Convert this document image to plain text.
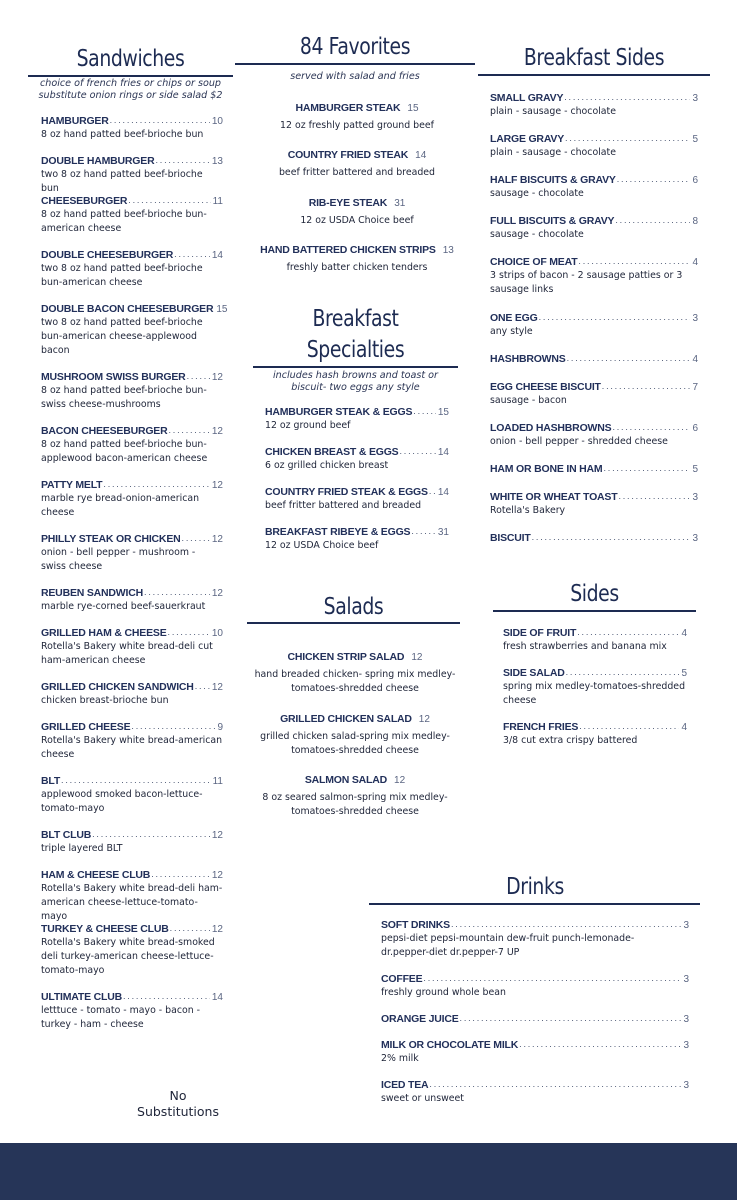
Sandwiches
choice of french fries or chips or soup
substitute onion rings or side salad $2
HAMBURGER .....	10
8 oz hand patted beef-brioche bun
DOUBLE HAMBURGER .....	13
two 8 oz hand patted beef-brioche bun
CHEESEBURGER .....	11
8 oz hand patted beef-brioche bun-american cheese
DOUBLE CHEESEBURGER .....	14
two 8 oz hand patted beef-brioche bun-american cheese
DOUBLE BACON CHEESEBURGER 15
two 8 oz hand patted beef-brioche bun-american cheese-applewood bacon
MUSHROOM SWISS BURGER .....	12
8 oz hand patted beef-brioche bun-swiss cheese-mushrooms
BACON CHEESEBURGER .....	12
8 oz hand patted beef-brioche bun-applewood bacon-american cheese
PATTY MELT .....	12
marble rye bread-onion-american cheese
PHILLY STEAK OR CHICKEN .....	12
onion - bell pepper - mushroom - swiss cheese
REUBEN SANDWICH .....	12
marble rye-corned beef-sauerkraut
GRILLED HAM & CHEESE .....	10
Rotella's Bakery white bread-deli cut ham-american cheese
GRILLED CHICKEN SANDWICH ..... 12
chicken breast-brioche bun
GRILLED CHEESE .....	9
Rotella's Bakery white bread-american cheese
BLT .....	11
applewood smoked bacon-lettuce-tomato-mayo
BLT CLUB .....	12
triple layered BLT
HAM & CHEESE CLUB .....	12
Rotella's Bakery white bread-deli ham-american cheese-lettuce-tomato-mayo
TURKEY & CHEESE CLUB .....	12
Rotella's Bakery white bread-smoked deli turkey-american cheese-lettuce-tomato-mayo
ULTIMATE CLUB .....	14
letttuce - tomato - mayo - bacon -turkey - ham - cheese
No Substitutions
84 Favorites
served with salad and fries
HAMBURGER STEAK 15
12 oz freshly patted ground beef
COUNTRY FRIED STEAK 14
beef fritter battered and breaded
RIB-EYE STEAK 31
12 oz USDA Choice beef
HAND BATTERED CHICKEN STRIPS 13
freshly batter chicken tenders
Breakfast
Specialties
includes hash browns and toast or
biscuit- two eggs any style
HAMBURGER STEAK & EGGS .....	15
12 oz ground beef
CHICKEN BREAST & EGGS .....	14
6 oz grilled chicken breast
COUNTRY FRIED STEAK & EGGS ..... 14
beef fritter battered and breaded
BREAKFAST RIBEYE & EGGS .....	31
12 oz USDA Choice beef
Salads
CHICKEN STRIP SALAD 12
hand breaded chicken- spring mix medley-
tomatoes-shredded cheese
GRILLED CHICKEN SALAD 12
grilled chicken salad-spring mix medley-
tomatoes-shredded cheese
SALMON SALAD 12
8 oz seared salmon-spring mix medley-
tomatoes-shredded cheese
Breakfast Sides
SMALL GRAVY .....	3
plain - sausage - chocolate
LARGE GRAVY .....	5
plain - sausage - chocolate
HALF BISCUITS & GRAVY .....	6
sausage - chocolate
FULL BISCUITS & GRAVY .....	8
sausage - chocolate
CHOICE OF MEAT .....	4
3 strips of bacon - 2 sausage patties or 3 sausage links
ONE EGG .....	3
any style
HASHBROWNS .....	4
EGG CHEESE BISCUIT .....	7
sausage - bacon
LOADED HASHBROWNS .....	6
onion - bell pepper - shredded cheese
HAM OR BONE IN HAM .....	5
WHITE OR WHEAT TOAST .....	3
Rotella's Bakery
BISCUIT .....	3
Sides
SIDE OF FRUIT .....	4
fresh strawberries and banana mix
SIDE SALAD .....	5
spring mix medley-tomatoes-shredded cheese
FRENCH FRIES .....	4
3/8 cut extra crispy battered
Drinks
SOFT DRINKS .....	3
pepsi-diet pepsi-mountain dew-fruit punch-lemonade-dr.pepper-diet dr.pepper-7 UP
COFFEE .....	3
freshly ground whole bean
ORANGE JUICE .....	3
MILK OR CHOCOLATE MILK .....	3
2% milk
ICED TEA .....	3
sweet or unsweet
